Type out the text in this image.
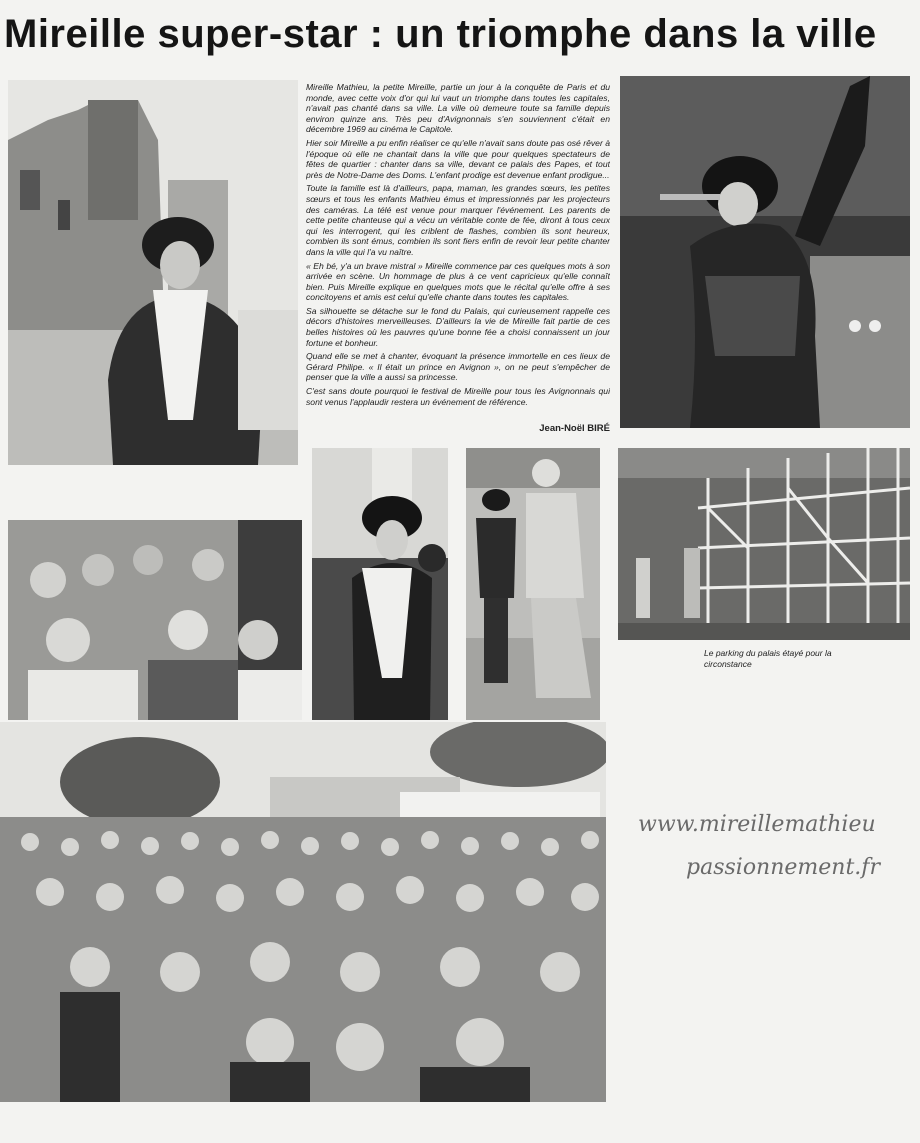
Mireille super-star : un triomphe dans la ville

Mireille Mathieu, la petite Mireille, partie un jour à la conquête de Paris et du monde, avec cette voix d'or qui lui vaut un triomphe dans toutes les capitales, n'avait pas chanté dans sa ville. La ville où demeure toute sa famille depuis environ quinze ans. Très peu d'Avignonnais s'en souviennent c'était en décembre 1969 au cinéma le Capitole.

Hier soir Mireille a pu enfin réaliser ce qu'elle n'avait sans doute pas osé rêver à l'époque où elle ne chantait dans la ville que pour quelques spectateurs de fêtes de quartier : chanter dans sa ville, devant ce palais des Papes, et tout près de Notre-Dame des Doms. L'enfant prodige est devenue enfant prodigue...

Toute la famille est là d'ailleurs, papa, maman, les grandes sœurs, les petites sœurs et tous les enfants Mathieu émus et impressionnés par les projecteurs des caméras. La télé est venue pour marquer l'événement. Les parents de cette petite chanteuse qui a vécu un véritable conte de fée, diront à tous ceux qui les interrogent, qui les criblent de flashes, combien ils sont heureux, combien ils sont émus, combien ils sont fiers enfin de revoir leur petite chanter dans la ville qui l'a vu naître.

« Eh bé, y'a un brave mistral » Mireille commence par ces quelques mots à son arrivée en scène. Un hommage de plus à ce vent capricieux qu'elle connaît bien. Puis Mireille explique en quelques mots que le récital qu'elle offre à ses concitoyens et amis est celui qu'elle chante dans toutes les capitales.

Sa silhouette se détache sur le fond du Palais, qui curieusement rappelle ces décors d'histoires merveilleuses. D'ailleurs la vie de Mireille fait partie de ces belles histoires où les pauvres qu'une bonne fée a choisi connaissent un jour fortune et bonheur.

Quand elle se met à chanter, évoquant la présence immortelle en ces lieux de Gérard Philipe. « Il était un prince en Avignon », on ne peut s'empêcher de penser que la ville a aussi sa princesse.

C'est sans doute pourquoi le festival de Mireille pour tous les Avignonnais qui sont venus l'applaudir restera un événement de référence.

Jean-Noël BIRÉ
Le parking du palais étayé pour la circonstance
www.mireillemathieu
passionnement.fr
